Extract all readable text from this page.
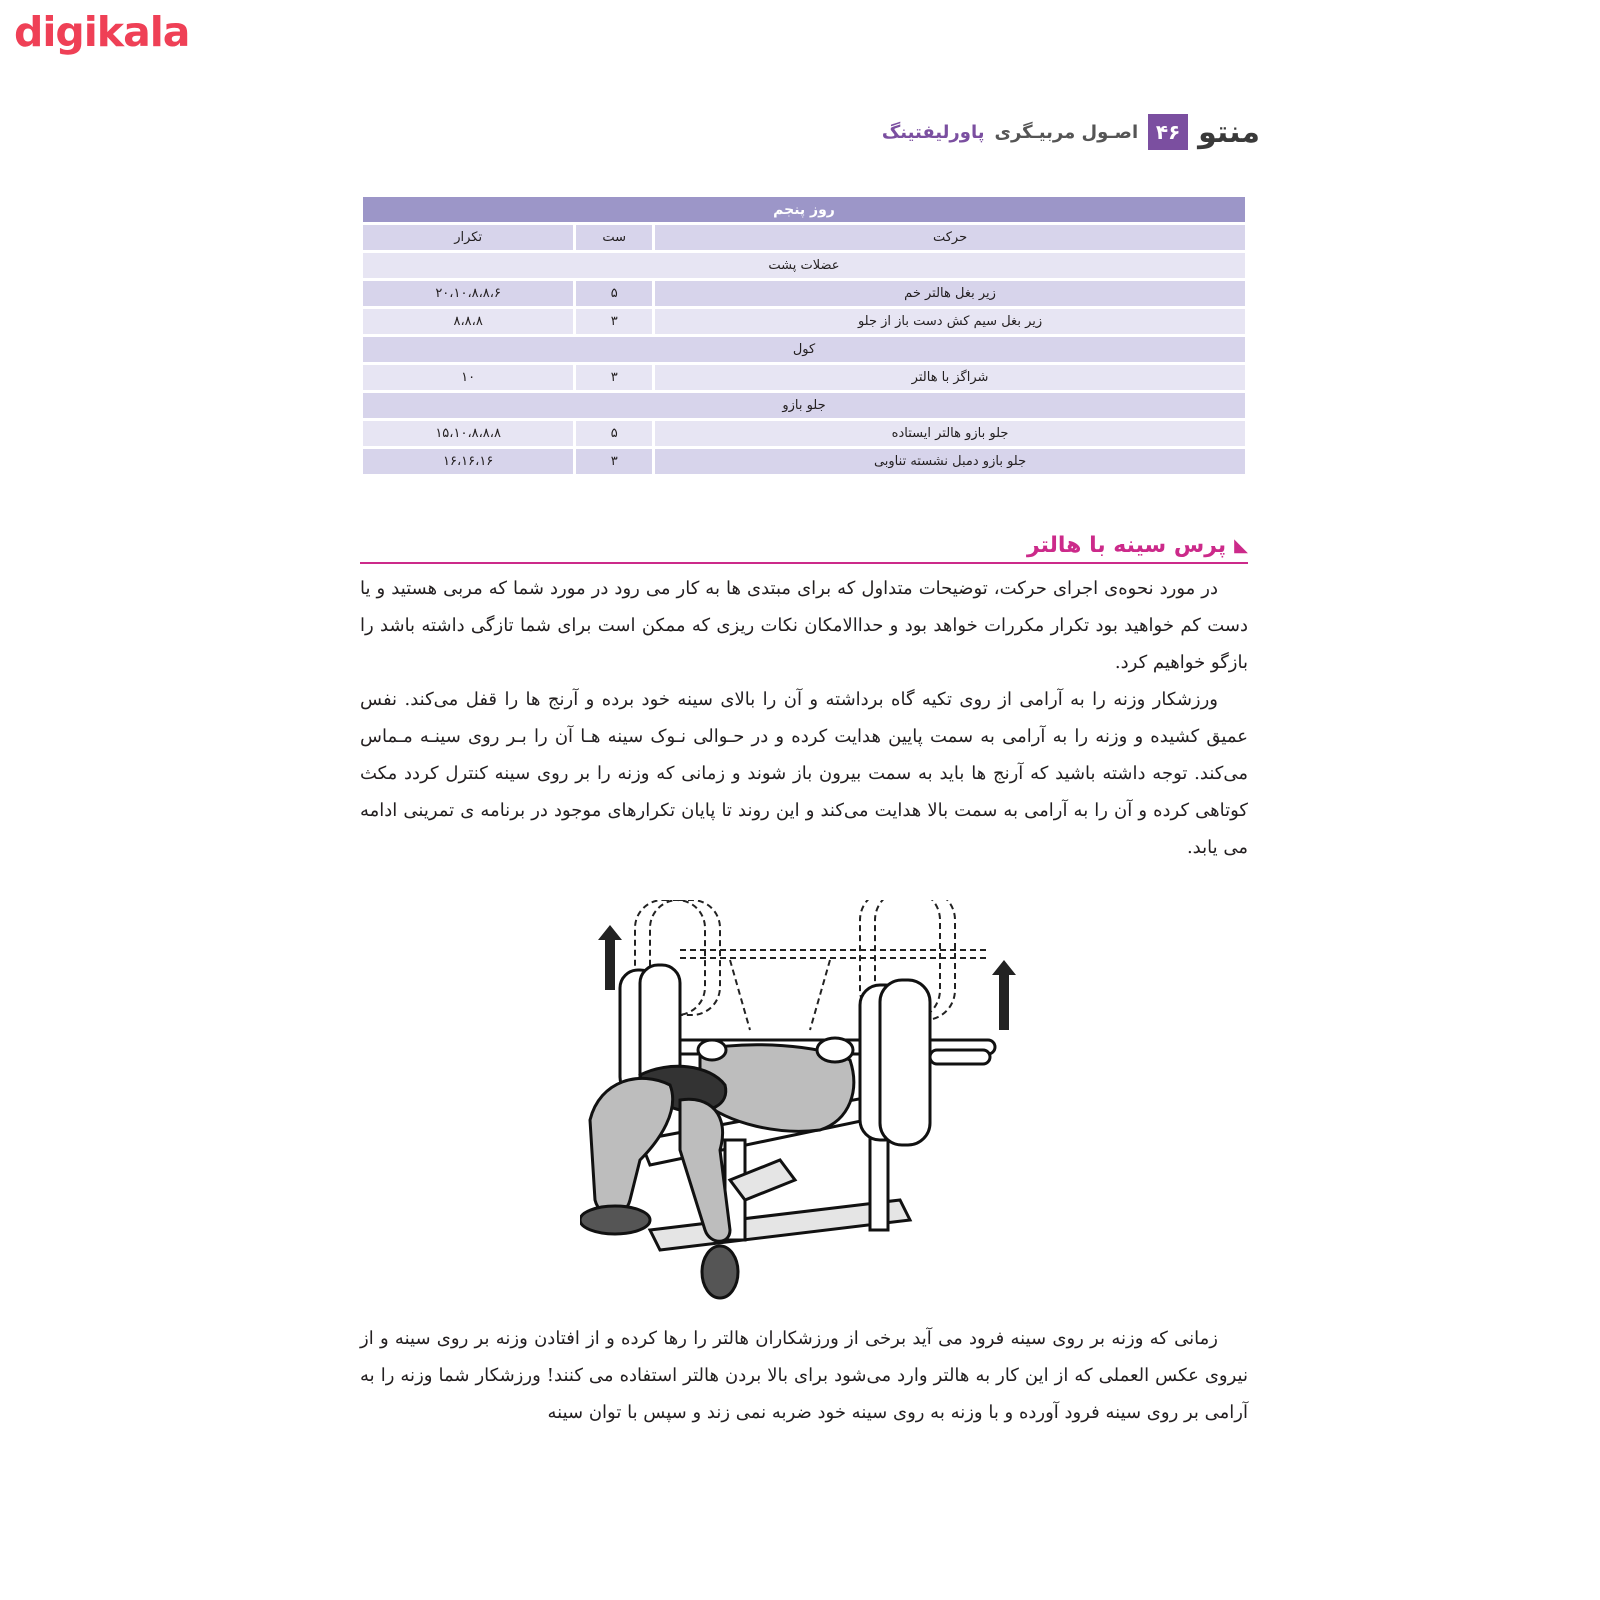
digikala
ﻣﻨﺘﻮ
۴۶
اصـول مربیـگری
پاورلیفتینگ
روز پنجم		
حرکت	ست	تکرار
عضلات پشت		
زیر بغل هالتر خم	۵	۲۰،۱۰،۸،۸،۶
زیر بغل سیم کش دست باز از جلو	۳	۸،۸،۸
کول		
شراگز با هالتر	۳	۱۰
جلو بازو		
جلو بازو هالتر ایستاده	۵	۱۵،۱۰،۸،۸،۸
جلو بازو دمبل نشسته تناوبی	۳	۱۶،۱۶،۱۶
◣
پرس سینه با هالتر

در مورد نحوه‌ی اجرای حرکت، توضیحات متداول که برای مبتدی ها به کار می رود در مورد شما که مربی هستید و یا دست کم خواهید بود تکرار مکررات خواهد بود و حداالامکان نکات ریزی که ممکن است برای شما تازگی داشته باشد را بازگو خواهیم کرد.

ورزشکار وزنه را به آرامی از روی تکیه گاه برداشته و آن را بالای سینه خود برده و آرنج ها را قفل می‌کند. نفس عمیق کشیده و وزنه را به آرامی به سمت پایین هدایت کرده و در حـوالی نـوک سینه هـا آن را بـر روی سینـه مـماس می‌کند. توجه داشته باشید که آرنج ها باید به سمت بیرون باز شوند و زمانی که وزنه را بر روی سینه کنترل کردد مکث کوتاهی کرده و آن را به آرامی به سمت بالا هدایت می‌کند و این روند تا پایان تکرارهای موجود در برنامه ی تمرینی ادامه می یابد.

زمانی که وزنه بر روی سینه فرود می آید برخی از ورزشکاران هالتر را رها کرده و از افتادن وزنه بر روی سینه و از نیروی عکس العملی که از این کار به هالتر وارد می‌شود برای بالا بردن هالتر استفاده می کنند! ورزشکار شما وزنه را به آرامی بر روی سینه فرود آورده و با وزنه به روی سینه خود ضربه نمی زند و سپس با توان سینه
